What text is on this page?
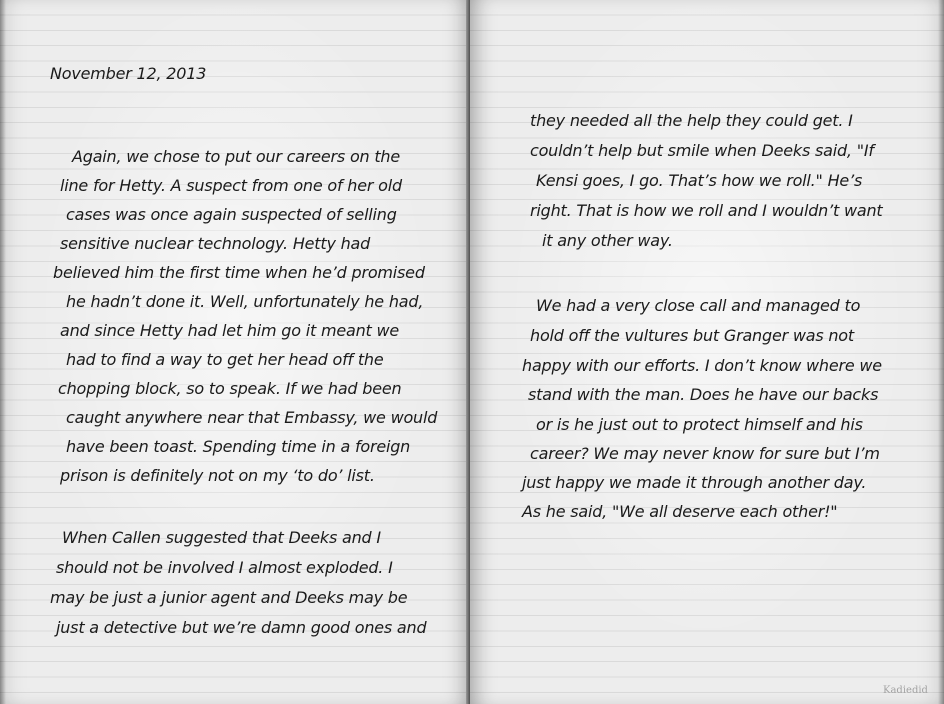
November 12, 2013
Again, we chose to put our careers on the
line for Hetty. A suspect from one of her old
cases was once again suspected of selling
sensitive nuclear technology. Hetty had
believed him the first time when he’d promised
he hadn’t done it. Well, unfortunately he had,
and since Hetty had let him go it meant we
had to find a way to get her head off the
chopping block, so to speak. If we had been
caught anywhere near that Embassy, we would
have been toast. Spending time in a foreign
prison is definitely not on my ‘to do’ list.
When Callen suggested that Deeks and I
should not be involved I almost exploded. I
may be just a junior agent and Deeks may be
just a detective but we’re damn good ones and
they needed all the help they could get. I
couldn’t help but smile when Deeks said, "If
Kensi goes, I go. That’s how we roll." He’s
right. That is how we roll and I wouldn’t want
it any other way.
We had a very close call and managed to
hold off the vultures but Granger was not
happy with our efforts. I don’t know where we
stand with the man. Does he have our backs
or is he just out to protect himself and his
career? We may never know for sure but I’m
just happy we made it through another day.
As he said, "We all deserve each other!"
Kadiedid
